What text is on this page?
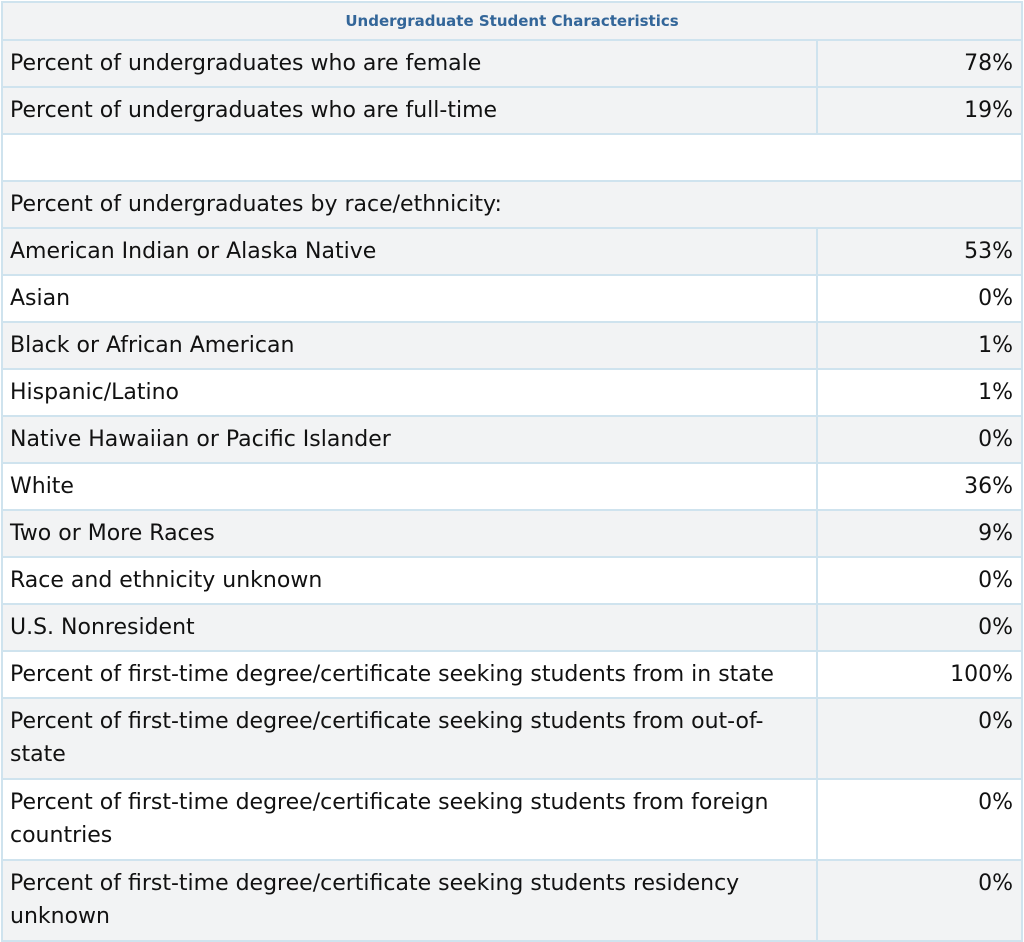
Undergraduate Student Characteristics	
Percent of undergraduates who are female	78%
Percent of undergraduates who are full-time	19%

Percent of undergraduates by race/ethnicity:	
American Indian or Alaska Native	53%
Asian	0%
Black or African American	1%
Hispanic/Latino	1%
Native Hawaiian or Pacific Islander	0%
White	36%
Two or More Races	9%
Race and ethnicity unknown	0%
U.S. Nonresident	0%
Percent of first-time degree/certificate seeking students from in state	100%
Percent of first-time degree/certificate seeking students from out-of-state	0%
Percent of first-time degree/certificate seeking students from foreign countries	0%
Percent of first-time degree/certificate seeking students residency unknown	0%
